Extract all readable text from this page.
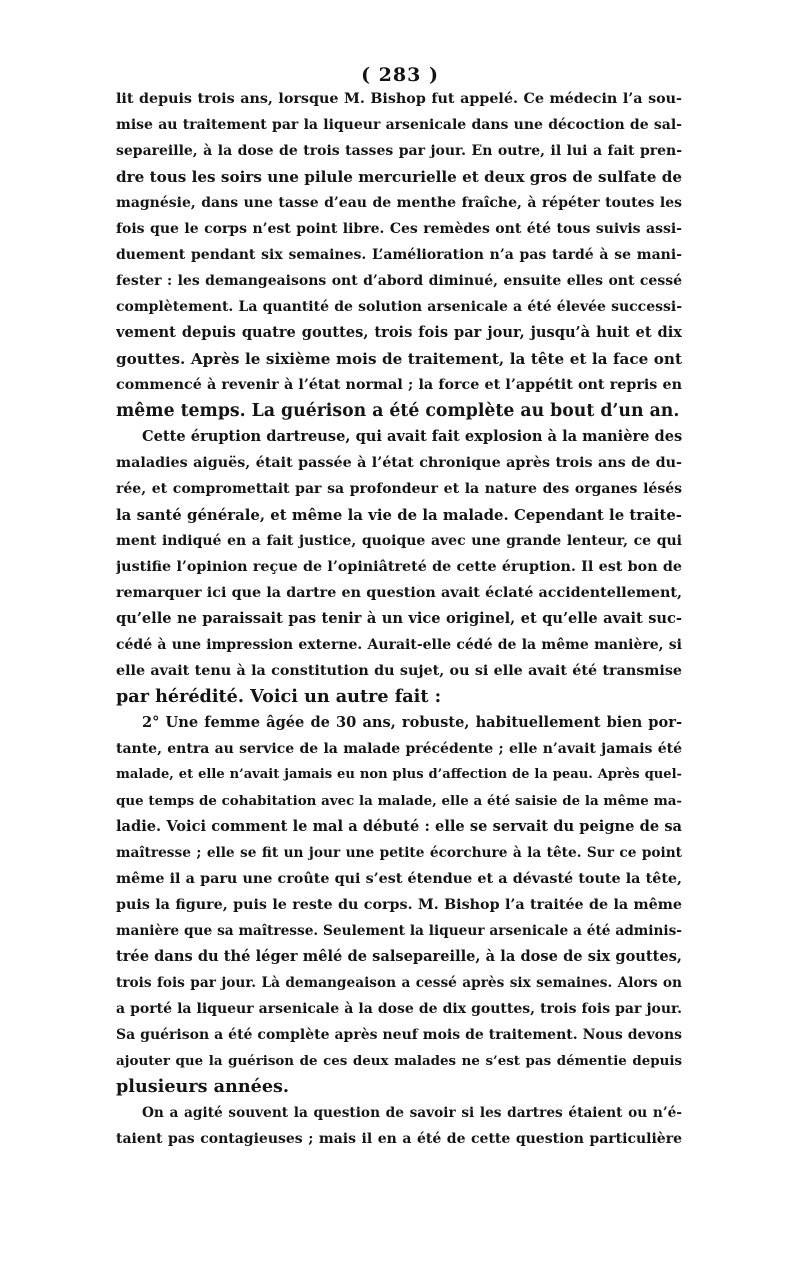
( 283 )
lit depuis trois ans, lorsque M. Bishop fut appelé. Ce médecin l’a sou-
mise au traitement par la liqueur arsenicale dans une décoction de sal-
separeille, à la dose de trois tasses par jour. En outre, il lui a fait pren-
dre tous les soirs une pilule mercurielle et deux gros de sulfate de
magnésie, dans une tasse d’eau de menthe fraîche, à répéter toutes les
fois que le corps n’est point libre. Ces remèdes ont été tous suivis assi-
duement pendant six semaines. L’amélioration n’a pas tardé à se mani-
fester : les demangeaisons ont d’abord diminué, ensuite elles ont cessé
complètement. La quantité de solution arsenicale a été élevée successi-
vement depuis quatre gouttes, trois fois par jour, jusqu’à huit et dix
gouttes. Après le sixième mois de traitement, la tête et la face ont
commencé à revenir à l’état normal ; la force et l’appétit ont repris en
même temps. La guérison a été complète au bout d’un an.
Cette éruption dartreuse, qui avait fait explosion à la manière des
maladies aiguës, était passée à l’état chronique après trois ans de du-
rée, et compromettait par sa profondeur et la nature des organes lésés
la santé générale, et même la vie de la malade. Cependant le traite-
ment indiqué en a fait justice, quoique avec une grande lenteur, ce qui
justifie l’opinion reçue de l’opiniâtreté de cette éruption. Il est bon de
remarquer ici que la dartre en question avait éclaté accidentellement,
qu’elle ne paraissait pas tenir à un vice originel, et qu’elle avait suc-
cédé à une impression externe. Aurait-elle cédé de la même manière, si
elle avait tenu à la constitution du sujet, ou si elle avait été transmise
par hérédité. Voici un autre fait :
2° Une femme âgée de 30 ans, robuste, habituellement bien por-
tante, entra au service de la malade précédente ; elle n’avait jamais été
malade, et elle n’avait jamais eu non plus d’affection de la peau. Après quel-
que temps de cohabitation avec la malade, elle a été saisie de la même ma-
ladie. Voici comment le mal a débuté : elle se servait du peigne de sa
maîtresse ; elle se fit un jour une petite écorchure à la tête. Sur ce point
même il a paru une croûte qui s’est étendue et a dévasté toute la tête,
puis la figure, puis le reste du corps. M. Bishop l’a traitée de la même
manière que sa maîtresse. Seulement la liqueur arsenicale a été adminis-
trée dans du thé léger mêlé de salsepareille, à la dose de six gouttes,
trois fois par jour. Là demangeaison a cessé après six semaines. Alors on
a porté la liqueur arsenicale à la dose de dix gouttes, trois fois par jour.
Sa guérison a été complète après neuf mois de traitement. Nous devons
ajouter que la guérison de ces deux malades ne s’est pas démentie depuis
plusieurs années.
On a agité souvent la question de savoir si les dartres étaient ou n’é-
taient pas contagieuses ; mais il en a été de cette question particulière
